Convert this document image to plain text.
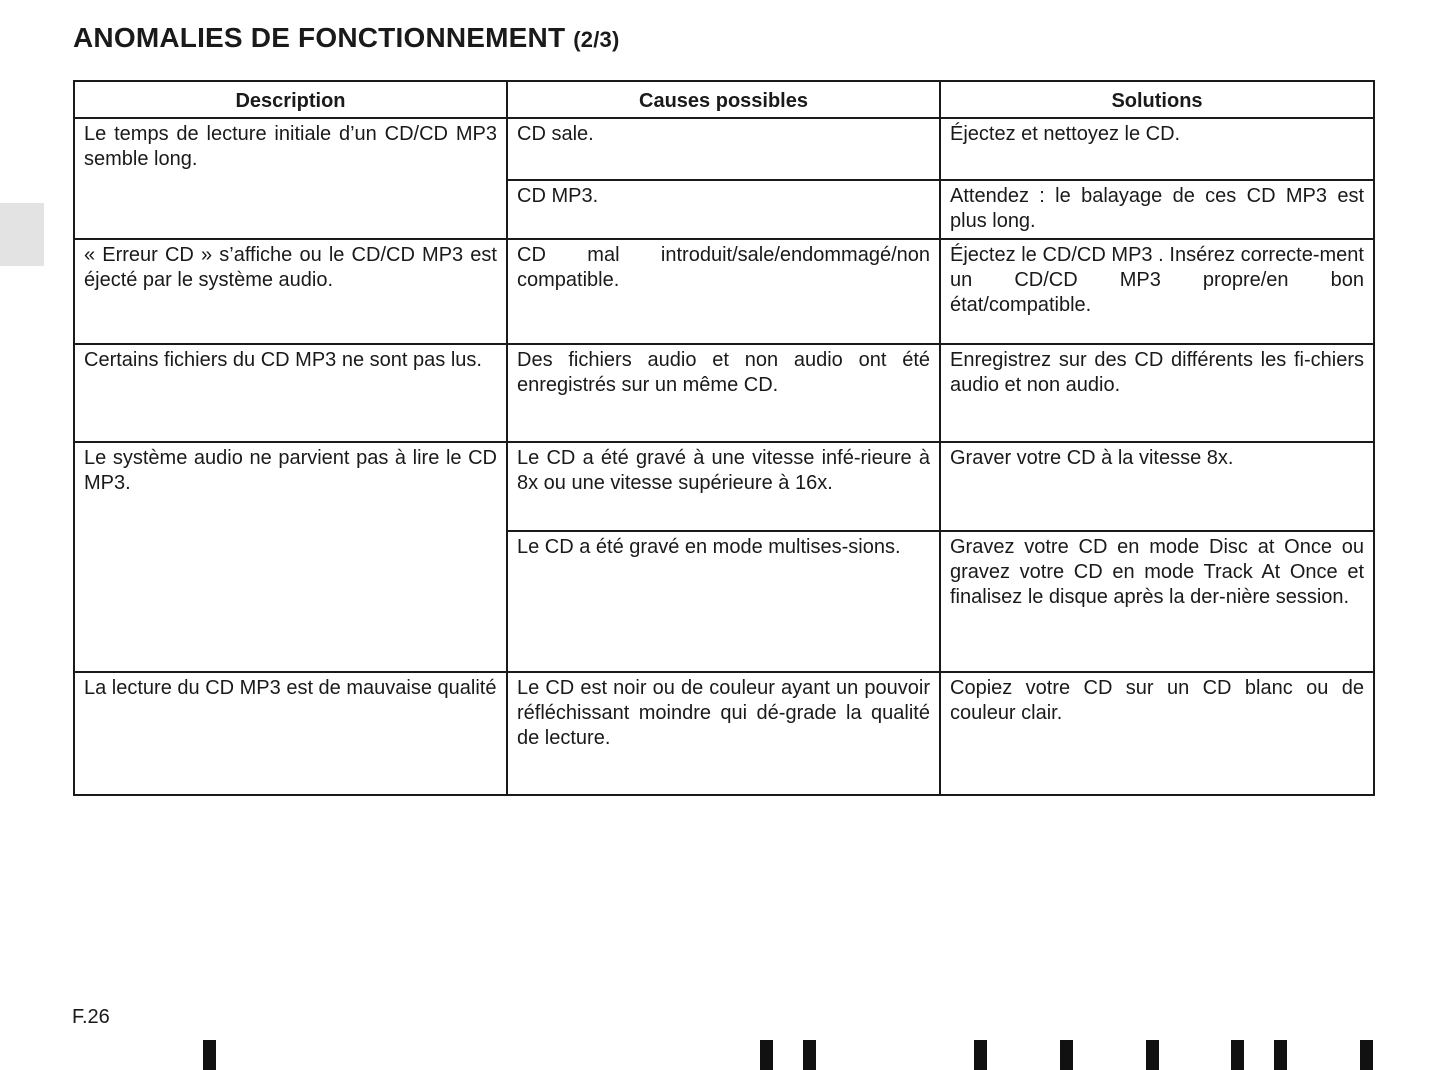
ANOMALIES DE FONCTIONNEMENT (2/3)
Description	Causes possibles	Solutions
Le temps de lecture initiale d’un CD/CD MP3 semble long.	CD sale.	Éjectez et nettoyez le CD.
	CD MP3.	Attendez : le balayage de ces CD MP3 est plus long.
« Erreur CD » s’affiche ou le CD/CD MP3 est éjecté par le système audio.	CD mal introduit/sale/endommagé/non compatible.	Éjectez le CD/CD MP3 . Insérez correcte-ment un CD/CD MP3 propre/en bon état/compatible.
Certains fichiers du CD MP3 ne sont pas lus.	Des fichiers audio et non audio ont été enregistrés sur un même CD.	Enregistrez sur des CD différents les fi-chiers audio et non audio.
Le système audio ne parvient pas à lire le CD MP3.	Le CD a été gravé à une vitesse infé-rieure à 8x ou une vitesse supérieure à 16x.	Graver votre CD à la vitesse 8x.
	Le CD a été gravé en mode multises-sions.	Gravez votre CD en mode Disc at Once ou gravez votre CD en mode Track At Once et finalisez le disque après la der-nière session.
La lecture du CD MP3 est de mauvaise qualité	Le CD est noir ou de couleur ayant un pouvoir réfléchissant moindre qui dé-grade la qualité de lecture.	Copiez votre CD sur un CD blanc ou de couleur clair.
F.26
